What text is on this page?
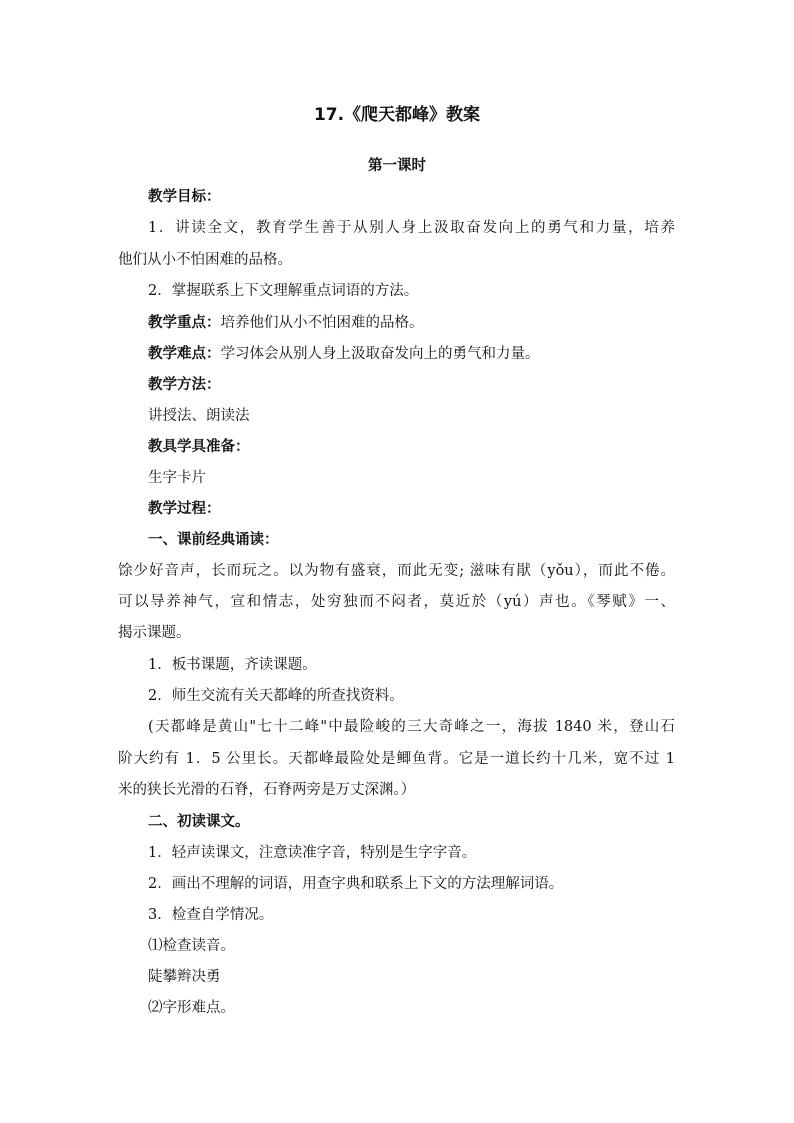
17.《爬天都峰》教案
第一课时
教学目标：
1．讲读全文，教育学生善于从别人身上汲取奋发向上的勇气和力量，培养
他们从小不怕困难的品格。
2．掌握联系上下文理解重点词语的方法。
教学重点：培养他们从小不怕困难的品格。
教学难点：学习体会从别人身上汲取奋发向上的勇气和力量。
教学方法：
讲授法、朗读法
教具学具准备：
生字卡片
教学过程：
一、课前经典诵读：
馀少好音声，长而玩之。以为物有盛衰，而此无变; 滋味有猒（yǒu），而此不倦。
可以导养神气，宣和情志，处穷独而不闷者，莫近於（yú）声也。《琴赋》一、
揭示课题。
1．板书课题，齐读课题。
2．师生交流有关天都峰的所查找资料。
(天都峰是黄山"七十二峰"中最险峻的三大奇峰之一，海拔 1840 米，登山石
阶大约有 1．5 公里长。天都峰最险处是鲫鱼背。它是一道长约十几米，宽不过 1
米的狭长光滑的石脊，石脊两旁是万丈深渊。）
二、初读课文。
1．轻声读课文，注意读准字音，特别是生字字音。
2．画出不理解的词语，用查字典和联系上下文的方法理解词语。
3．检查自学情况。
⑴检查读音。
陡攀辫决勇
⑵字形难点。
